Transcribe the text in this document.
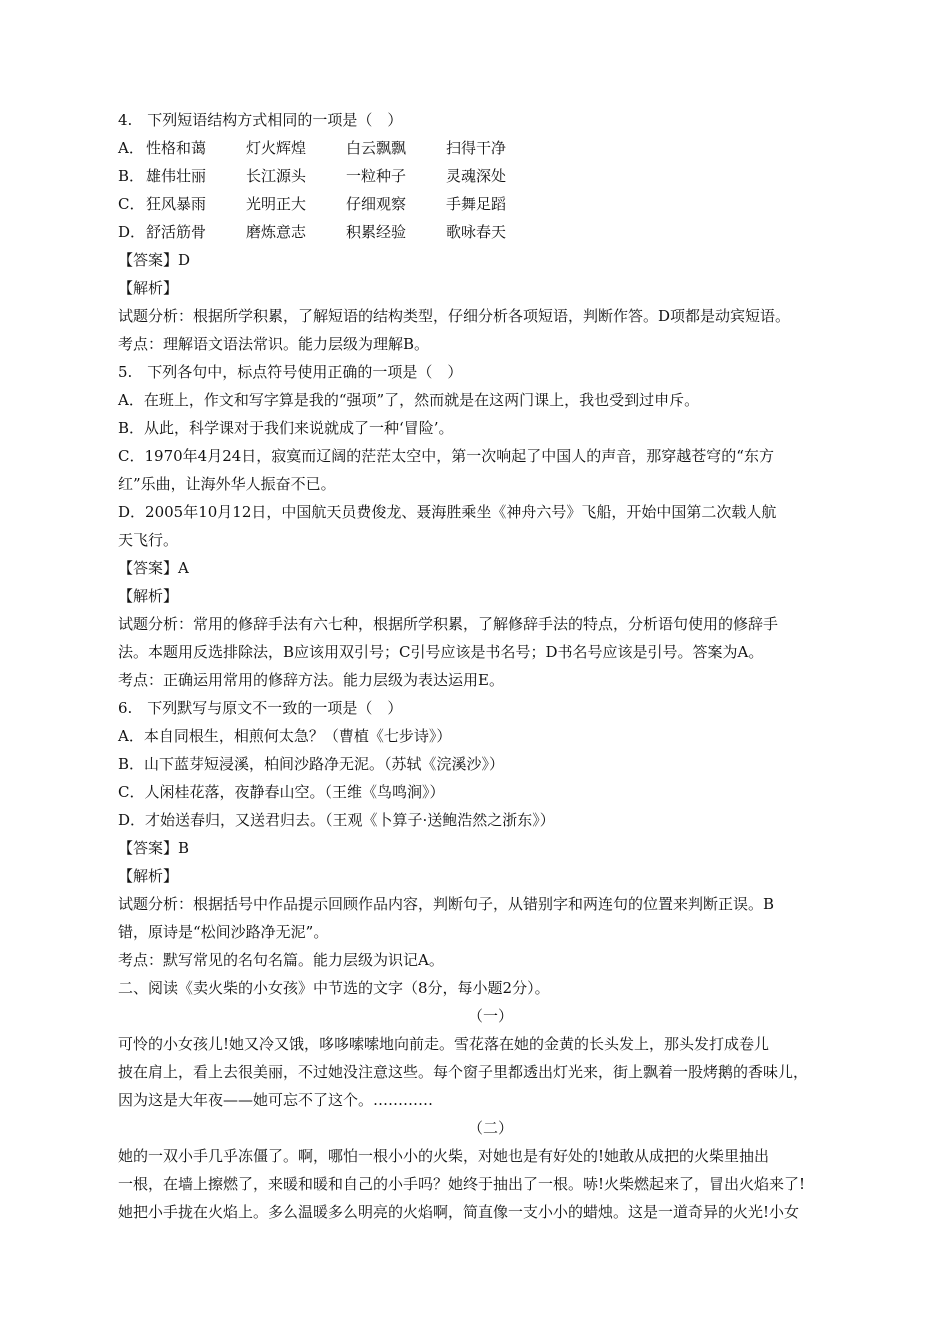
4.　下列短语结构方式相同的一项是（　）
A． 性格和蔼	灯火辉煌	白云飘飘	扫得干净
B． 雄伟壮丽	长江源头	一粒种子	灵魂深处
C． 狂风暴雨	光明正大	仔细观察	手舞足蹈
D．舒活筋骨	磨炼意志	积累经验	歌咏春天
【答案】D
【解析】
试题分析：根据所学积累，了解短语的结构类型，仔细分析各项短语，判断作答。D项都是动宾短语。
考点：理解语文语法常识。能力层级为理解B。
5.　下列各句中，标点符号使用正确的一项是（　）
A．在班上，作文和写字算是我的“强项”了，然而就是在这两门课上，我也受到过申斥。
B．从此，科学课对于我们来说就成了一种‘冒险’。
C．1970年4月24日，寂寞而辽阔的茫茫太空中，第一次响起了中国人的声音，那穿越苍穹的“东方
红”乐曲，让海外华人振奋不已。
D．2005年10月12日，中国航天员费俊龙、聂海胜乘坐《神舟六号》飞船，开始中国第二次载人航
天飞行。
【答案】A
【解析】
试题分析：常用的修辞手法有六七种，根据所学积累，了解修辞手法的特点，分析语句使用的修辞手
法。本题用反选排除法，B应该用双引号；C引号应该是书名号；D书名号应该是引号。答案为A。
考点：正确运用常用的修辞方法。能力层级为表达运用E。
6.　下列默写与原文不一致的一项是（　）
A．本自同根生，相煎何太急？（曹植《七步诗》）
B．山下蓝芽短浸溪，柏间沙路净无泥。（苏轼《浣溪沙》）
C．人闲桂花落，夜静春山空。（王维《鸟鸣涧》）
D．才始送春归，又送君归去。（王观《卜算子·送鲍浩然之浙东》）
【答案】B
【解析】
试题分析：根据括号中作品提示回顾作品内容，判断句子，从错别字和两连句的位置来判断正误。B
错，原诗是“松间沙路净无泥”。
考点：默写常见的名句名篇。能力层级为识记A。
二、阅读《卖火柴的小女孩》中节选的文字（8分，每小题2分）。
（一）
可怜的小女孩儿!她又冷又饿，哆哆嗦嗦地向前走。雪花落在她的金黄的长头发上，那头发打成卷儿
披在肩上，看上去很美丽，不过她没注意这些。每个窗子里都透出灯光来，街上飘着一股烤鹅的香味儿，
因为这是大年夜——她可忘不了这个。…………
（二）
她的一双小手几乎冻僵了。啊，哪怕一根小小的火柴，对她也是有好处的!她敢从成把的火柴里抽出
一根，在墙上擦燃了，来暖和暖和自己的小手吗？她终于抽出了一根。哧!火柴燃起来了，冒出火焰来了!
她把小手拢在火焰上。多么温暖多么明亮的火焰啊，简直像一支小小的蜡烛。这是一道奇异的火光!小女
